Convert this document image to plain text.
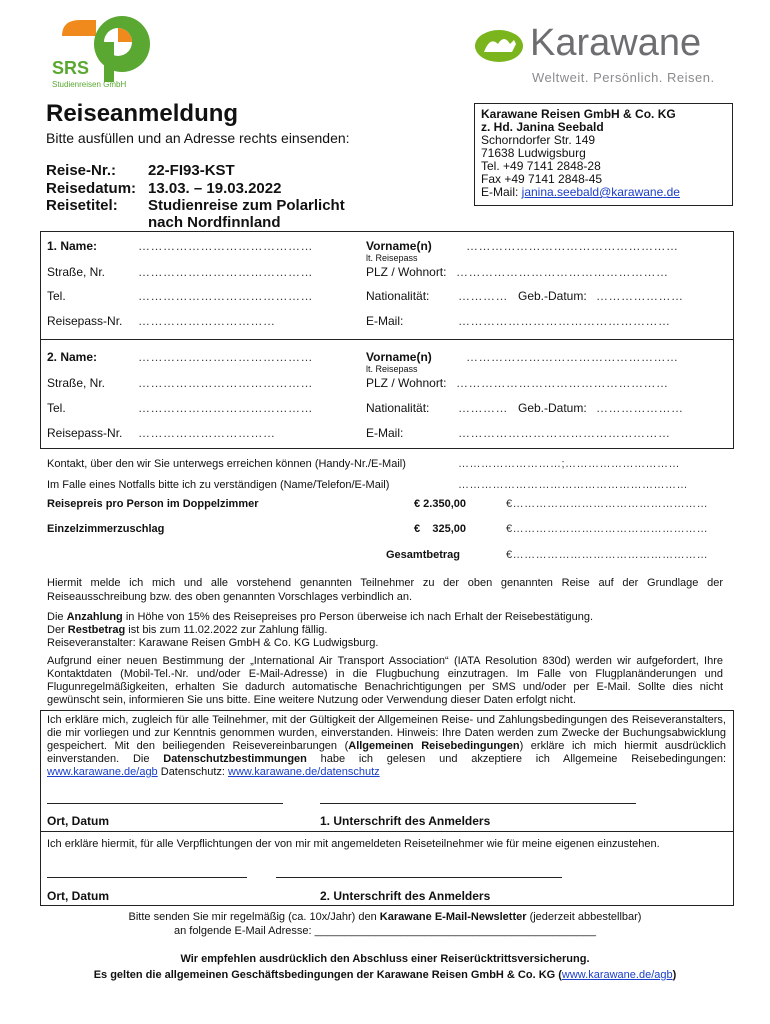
SRS
Studienreisen GmbH
Karawane
Weltweit. Persönlich. Reisen.
Reiseanmeldung
Bitte ausfüllen und an Adresse rechts einsenden:
Reise-Nr.: 22-FI93-KST
Reisedatum: 13.03. – 19.03.2022
Reisetitel: Studienreise zum Polarlicht
nach Nordfinnland
Karawane Reisen GmbH & Co. KG
z. Hd. Janina Seebald
Schorndorfer Str. 149
71638 Ludwigsburg
Tel. +49 7141 2848-28
Fax +49 7141 2848-45
E-Mail: janina.seebald@karawane.de
1. Name:	……………………………………	Vorname(n)	……………………………………………
lt. Reisepass
Straße, Nr.	……………………………………	PLZ / Wohnort: ……………………………………………
Tel.	……………………………………	Nationalität: ………… Geb.-Datum: …………………
Reisepass-Nr. ……………………………	E-Mail:	……………………………………………
2. Name:	……………………………………	Vorname(n)	……………………………………………
lt. Reisepass
Straße, Nr.	……………………………………	PLZ / Wohnort: ……………………………………………
Tel.	……………………………………	Nationalität: ………… Geb.-Datum: …………………
Reisepass-Nr. ……………………………	E-Mail:	……………………………………………
Kontakt, über den wir Sie unterwegs erreichen können (Handy-Nr./E-Mail)	………………………;…………………………
Im Falle eines Notfalls bitte ich zu verständigen (Name/Telefon/E-Mail)	……………………………………………………
Reisepreis pro Person im Doppelzimmer	€ 2.350,00	€……………………………………………
Einzelzimmerzuschlag	€    325,00	€……………………………………………
Gesamtbetrag	€……………………………………………
Hiermit melde ich mich und alle vorstehend genannten Teilnehmer zu der oben genannten Reise auf der Grundlage der Reiseausschreibung bzw. des oben genannten Vorschlages verbindlich an.
Die Anzahlung in Höhe von 15% des Reisepreises pro Person überweise ich nach Erhalt der Reisebestätigung.
Der Restbetrag ist bis zum 11.02.2022 zur Zahlung fällig.
Reiseveranstalter: Karawane Reisen GmbH & Co. KG Ludwigsburg.
Aufgrund einer neuen Bestimmung der „International Air Transport Association“ (IATA Resolution 830d) werden wir aufgefordert, Ihre Kontaktdaten (Mobil-Tel.-Nr. und/oder E-Mail-Adresse) in die Flugbuchung einzutragen. Im Falle von Flugplanänderungen und Flugunregelmäßigkeiten, erhalten Sie dadurch automatische Benachrichtigungen per SMS und/oder per E-Mail. Sollte dies nicht gewünscht sein, informieren Sie uns bitte. Eine weitere Nutzung oder Verwendung dieser Daten erfolgt nicht.
Ich erkläre mich, zugleich für alle Teilnehmer, mit der Gültigkeit der Allgemeinen Reise- und Zahlungsbedingungen des Reiseveranstalters, die mir vorliegen und zur Kenntnis genommen wurden, einverstanden. Hinweis: Ihre Daten werden zum Zwecke der Buchungsabwicklung gespeichert. Mit den beiliegenden Reisevereinbarungen (Allgemeinen Reisebedingungen) erkläre ich mich hiermit ausdrücklich einverstanden. Die Datenschutzbestimmungen habe ich gelesen und akzeptiere ich Allgemeine Reisebedingungen: www.karawane.de/agb Datenschutz: www.karawane.de/datenschutz
Ort, Datum	1. Unterschrift des Anmelders
Ich erkläre hiermit, für alle Verpflichtungen der von mir mit angemeldeten Reiseteilnehmer wie für meine eigenen einzustehen.
Ort, Datum	2. Unterschrift des Anmelders
Bitte senden Sie mir regelmäßig (ca. 10x/Jahr) den Karawane E-Mail-Newsletter (jederzeit abbestellbar)
an folgende E-Mail Adresse: ______________________________________________
Wir empfehlen ausdrücklich den Abschluss einer Reiserücktrittsversicherung.
Es gelten die allgemeinen Geschäftsbedingungen der Karawane Reisen GmbH & Co. KG (www.karawane.de/agb)
